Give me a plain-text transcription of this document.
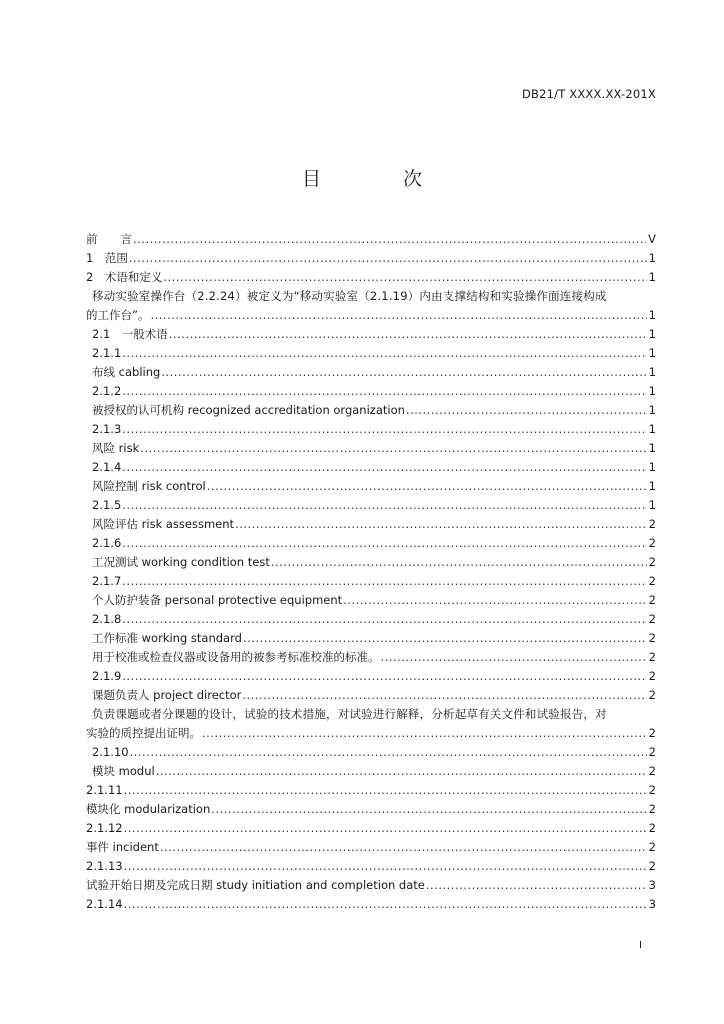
DB21/T XXXX.XX-201X
目 次
前　　言 .....	V
1　范围 .....	1
2　术语和定义 .....	1
移动实验室操作台（2.2.24）被定义为“移动实验室（2.1.19）内由支撑结构和实验操作面连接构成
的工作台”。 .....	1
2.1　一般术语 .....	1
2.1.1 .....	1
布线 cabling .....	1
2.1.2 .....	1
被授权的认可机构 recognized accreditation organization .....	1
2.1.3 .....	1
风险 risk .....	1
2.1.4 .....	1
风险控制 risk control .....	1
2.1.5 .....	1
风险评估 risk assessment .....	2
2.1.6 .....	2
工况测试 working condition test .....	2
2.1.7 .....	2
个人防护装备 personal protective equipment .....	2
2.1.8 .....	2
工作标准 working standard .....	2
用于校准或检查仪器或设备用的被参考标准校准的标准。 .....	2
2.1.9 .....	2
课题负责人 project director .....	2
负责课题或者分课题的设计，试验的技术措施，对试验进行解释，分析起草有关文件和试验报告，对
实验的质控提出证明。 .....	2
2.1.10 .....	2
模块 modul .....	2
2.1.11 .....	2
模块化 modularization .....	2
2.1.12 .....	2
事件 incident .....	2
2.1.13 .....	2
试验开始日期及完成日期 study initiation and completion date .....	3
2.1.14 .....	3
I
